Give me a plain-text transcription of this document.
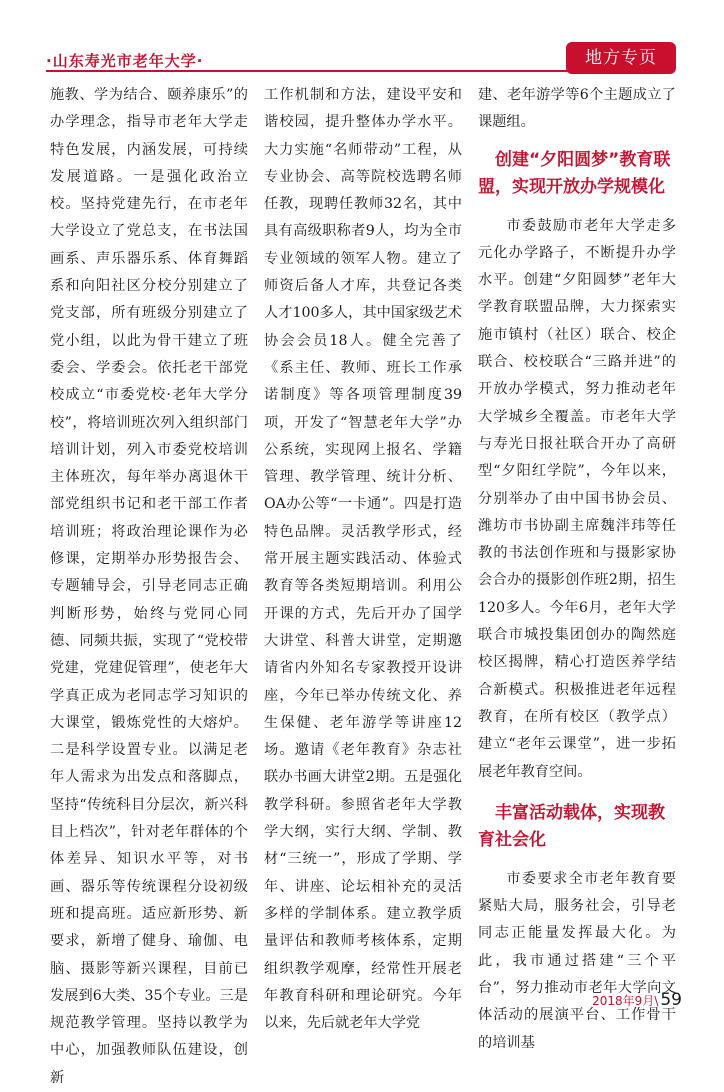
·山东寿光市老年大学·	地方专页

施教、学为结合、颐养康乐”的办学理念，指导市老年大学走特色发展，内涵发展，可持续发展道路。一是强化政治立校。坚持党建先行，在市老年大学设立了党总支，在书法国画系、声乐器乐系、体育舞蹈系和向阳社区分校分别建立了党支部，所有班级分别建立了党小组，以此为骨干建立了班委会、学委会。依托老干部党校成立“市委党校·老年大学分校”，将培训班次列入组织部门培训计划，列入市委党校培训主体班次，每年举办离退休干部党组织书记和老干部工作者培训班；将政治理论课作为必修课，定期举办形势报告会、专题辅导会，引导老同志正确判断形势，始终与党同心同德、同频共振，实现了“党校带党建，党建促管理”，使老年大学真正成为老同志学习知识的大课堂，锻炼党性的大熔炉。二是科学设置专业。以满足老年人需求为出发点和落脚点，坚持“传统科目分层次，新兴科目上档次”，针对老年群体的个体差异、知识水平等，对书画、器乐等传统课程分设初级班和提高班。适应新形势、新要求，新增了健身、瑜伽、电脑、摄影等新兴课程，目前已发展到6大类、35个专业。三是规范教学管理。坚持以教学为中心，加强教师队伍建设，创新

工作机制和方法，建设平安和谐校园，提升整体办学水平。大力实施“名师带动”工程，从专业协会、高等院校选聘名师任教，现聘任教师32名，其中具有高级职称者9人，均为全市专业领域的领军人物。建立了师资后备人才库，共登记各类人才100多人，其中国家级艺术协会会员18人。健全完善了《系主任、教师、班长工作承诺制度》等各项管理制度39项，开发了“智慧老年大学”办公系统，实现网上报名、学籍管理、教学管理、统计分析、OA办公等“一卡通”。四是打造特色品牌。灵活教学形式，经常开展主题实践活动、体验式教育等各类短期培训。利用公开课的方式，先后开办了国学大讲堂、科普大讲堂，定期邀请省内外知名专家教授开设讲座，今年已举办传统文化、养生保健、老年游学等讲座12场。邀请《老年教育》杂志社联办书画大讲堂2期。五是强化教学科研。参照省老年大学教学大纲，实行大纲、学制、教材“三统一”，形成了学期、学年、讲座、论坛相补充的灵活多样的学制体系。建立教学质量评估和教师考核体系，定期组织教学观摩，经常性开展老年教育科研和理论研究。今年以来，先后就老年大学党

建、老年游学等6个主题成立了课题组。

创建“夕阳圆梦”教育联盟，实现开放办学规模化

市委鼓励市老年大学走多元化办学路子，不断提升办学水平。创建“夕阳圆梦”老年大学教育联盟品牌，大力探索实施市镇村（社区）联合、校企联合、校校联合“三路并进”的开放办学模式，努力推动老年大学城乡全覆盖。市老年大学与寿光日报社联合开办了高研型“夕阳红学院”，今年以来，分别举办了由中国书协会员、潍坊市书协副主席魏泮玮等任教的书法创作班和与摄影家协会合办的摄影创作班2期，招生120多人。今年6月，老年大学联合市城投集团创办的陶然庭校区揭牌，精心打造医养学结合新模式。积极推进老年远程教育，在所有校区（教学点）建立“老年云课堂”，进一步拓展老年教育空间。

丰富活动载体，实现教育社会化

市委要求全市老年教育要紧贴大局，服务社会，引导老同志正能量发挥最大化。为此，我市通过搭建“三个平台”，努力推动市老年大学向文体活动的展演平台、工作骨干的培训基

2018年9月\ 59
